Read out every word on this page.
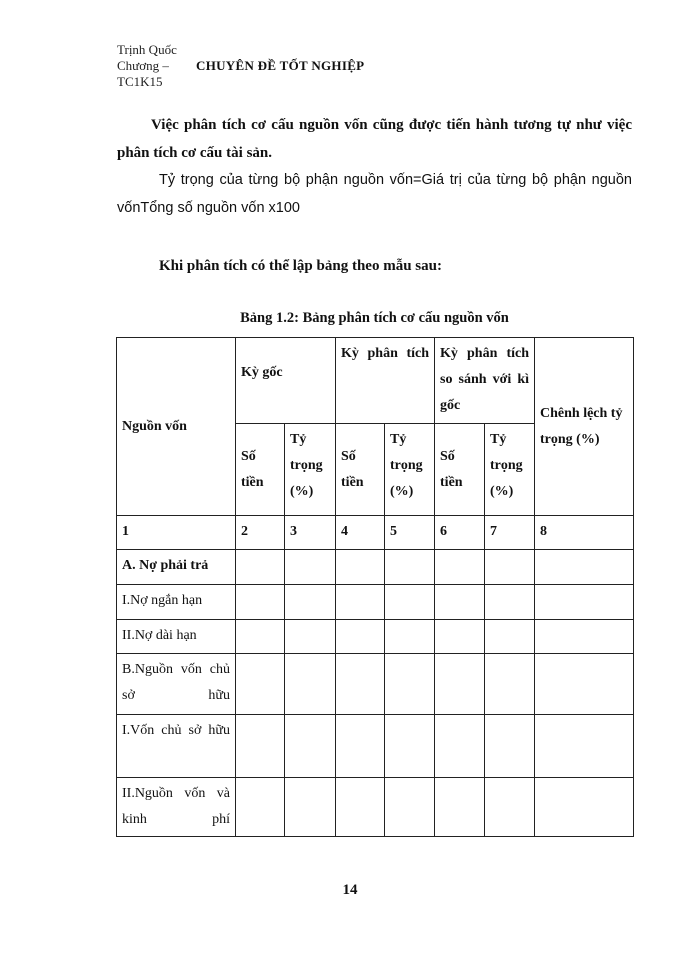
Trịnh Quốc
Chương –
TC1K15
CHUYÊN ĐỀ TỐT NGHIỆP
Việc phân tích cơ cấu nguồn vốn cũng được tiến hành tương tự như việc phân tích cơ cấu tài sản.
Tỷ trọng của từng bộ phận nguồn vốn=Giá trị của từng bộ phận nguồn vốnTổng số nguồn vốn x100
Khi phân tích có thể lập bảng theo mẫu sau:
Bảng 1.2: Bảng phân tích cơ cấu nguồn vốn
Nguồn vốn	Kỳ gốc		Kỳ phân tích		Kỳ phân tích so sánh với kì gốc		Chênh lệch tỷ trọng (%)
	Số tiền	Tỷ trọng (%)	Số tiền	Tỷ trọng (%)	Số tiền	Tỷ trọng (%)	
1	2	3	4	5	6	7	8
A. Nợ phải trả							
I.Nợ ngắn hạn							
II.Nợ dài hạn							
B.Nguồn vốn chủ sở hữu							
I.Vốn chủ sở hữu							
II.Nguồn vốn và kinh phí							
14
